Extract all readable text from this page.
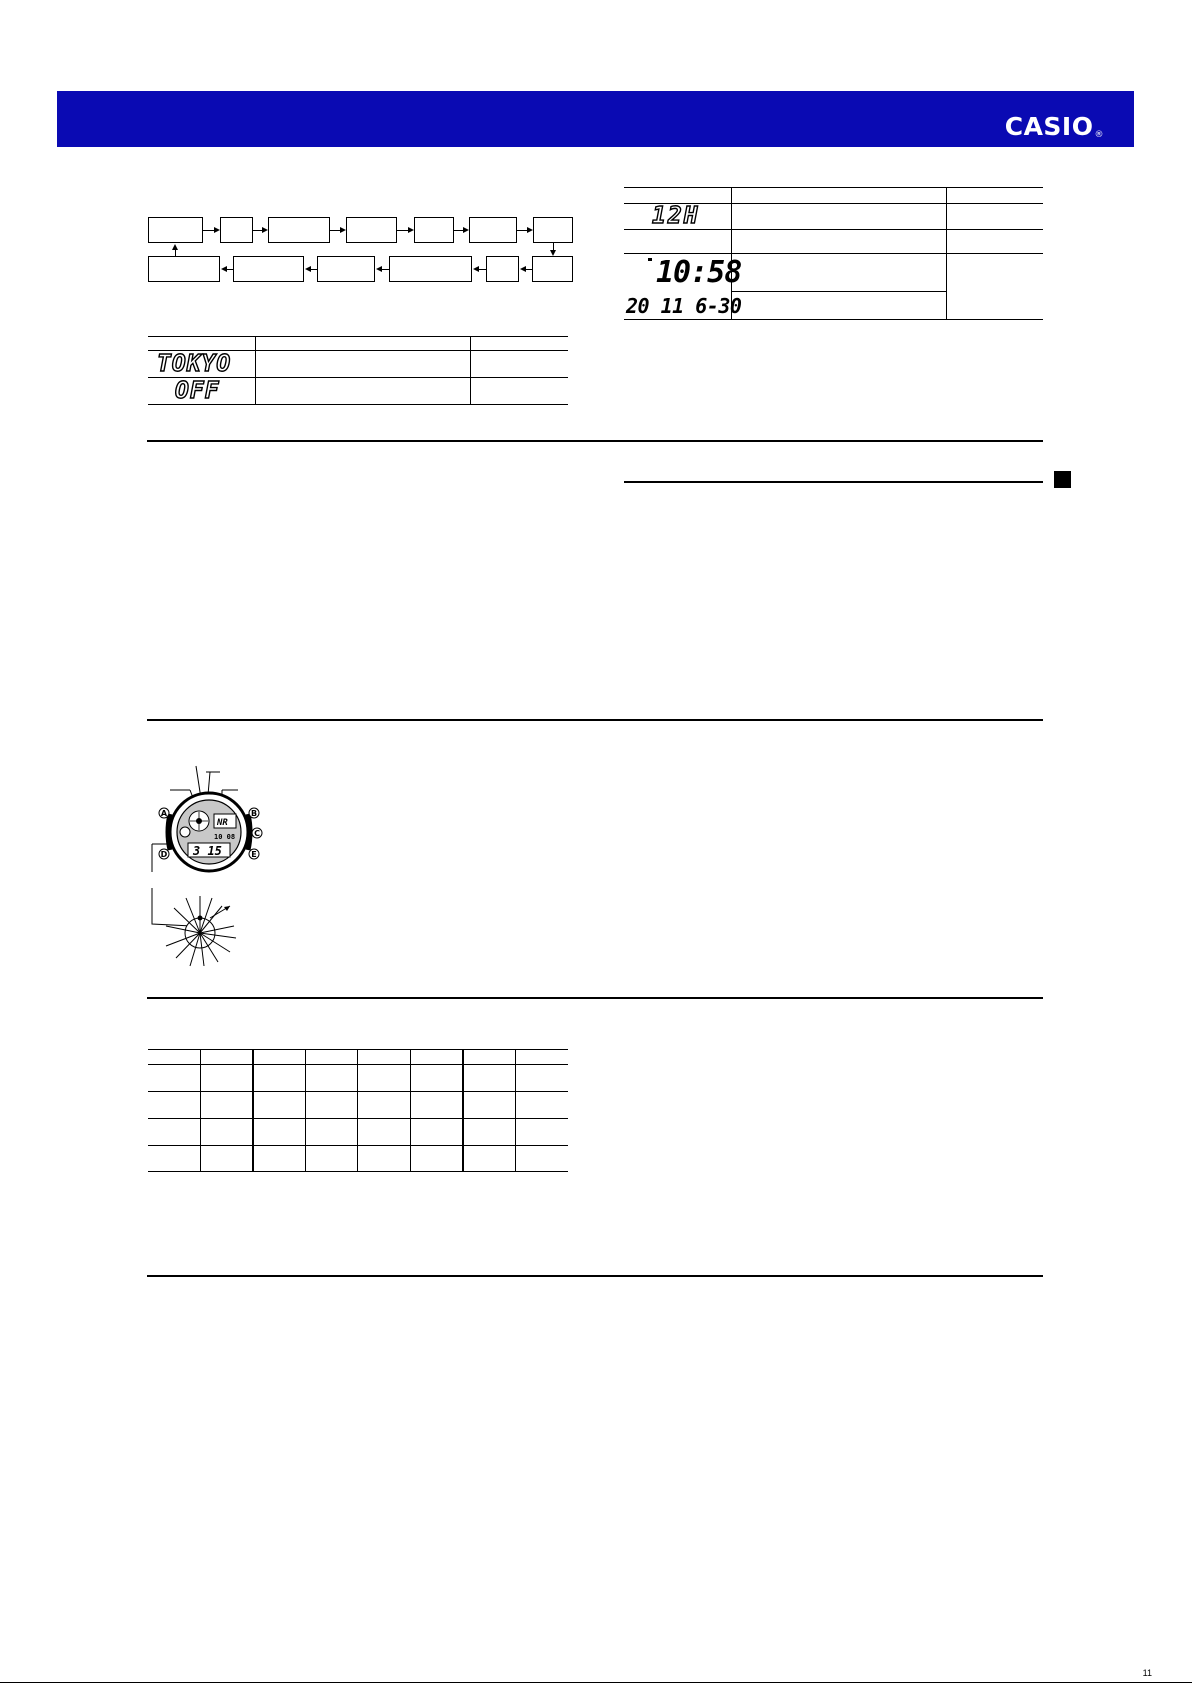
CASIO®
TOKYO
OFF
12H
10:58
20 11 6-30
NR
10 08
3 15
A	B
C
D	E
11
